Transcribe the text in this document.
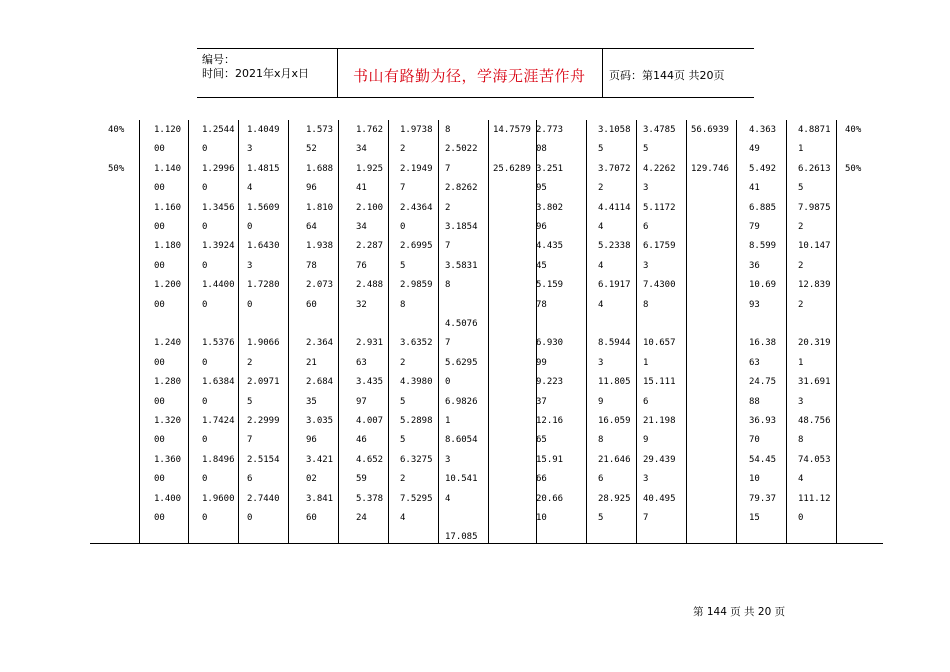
编号：
时间：2021年x月x日	书山有路勤为径，学海无涯苦作舟 页码：第144页 共20页
40%
50%
1.120
00
1.140
00
1.160
00
1.180
00
1.200
00
1.240
00
1.280
00
1.320
00
1.360
00
1.400
00
1.2544
0
1.2996
0
1.3456
0
1.3924
0
1.4400
0
1.5376
0
1.6384
0
1.7424
0
1.8496
0
1.9600
0
1.4049
3
1.4815
4
1.5609
0
1.6430
3
1.7280
0
1.9066
2
2.0971
5
2.2999
7
2.5154
6
2.7440
0
1.573
52
1.688
96
1.810
64
1.938
78
2.073
60
2.364
21
2.684
35
3.035
96
3.421
02
3.841
60
1.762
34
1.925
41
2.100
34
2.287
76
2.488
32
2.931
63
3.435
97
4.007
46
4.652
59
5.378
24
1.9738
2
2.1949
7
2.4364
0
2.6995
5
2.9859
8
3.6352
2
4.3980
5
5.2898
5
6.3275
2
7.5295
4
8
2.5022
7
2.8262
2
3.1854
7
3.5831
8
4.5076
7
5.6295
0
6.9826
1
8.6054
3
10.541
4
17.085
14.7579
25.6289
2.773
08
3.251
95
3.802
96
4.435
45
5.159
78
6.930
99
9.223
37
12.16
65
15.91
66
20.66
10
3.1058
5
3.7072
2
4.4114
4
5.2338
4
6.1917
4
8.5944
3
11.805
9
16.059
8
21.646
6
28.925
5
3.4785
5
4.2262
3
5.1172
6
6.1759
3
7.4300
8
10.657
1
15.111
6
21.198
9
29.439
3
40.495
7
56.6939
129.746
4.363
49
5.492
41
6.885
79
8.599
36
10.69
93
16.38
63
24.75
88
36.93
70
54.45
10
79.37
15
4.8871
1
6.2613
5
7.9875
2
10.147
2
12.839
2
20.319
1
31.691
3
48.756
8
74.053
4
111.12
0
40%
50%
第 144 页 共 20 页
